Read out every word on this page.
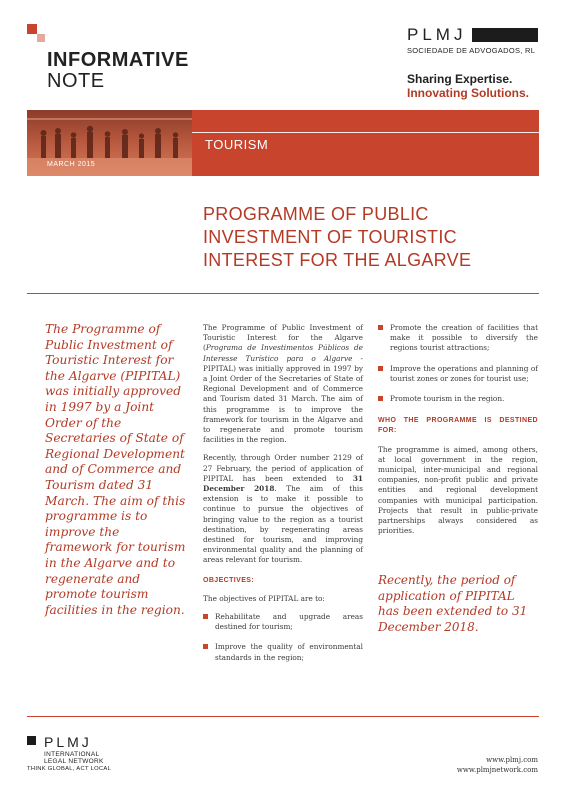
INFORMATIVE
NOTE
PLMJ
SOCIEDADE DE ADVOGADOS, RL
Sharing Expertise.
Innovating Solutions.
MARCH 2015
TOURISM
PROGRAMME OF PUBLIC
INVESTMENT OF TOURISTIC
INTEREST FOR THE ALGARVE
The Programme of Public Investment of Touristic Interest for the Algarve (PIPITAL) was initially approved in 1997 by a Joint Order of the Secretaries of State of Regional Development and of Commerce and Tourism dated 31 March. The aim of this programme is to improve the framework for tourism in the Algarve and to regenerate and promote tourism facilities in the region.

The Programme of Public Investment of Touristic Interest for the Algarve (Programa de Investimentos Públicos de Interesse Turístico para o Algarve - PIPITAL) was initially approved in 1997 by a Joint Order of the Secretaries of State of Regional Development and of Commerce and Tourism dated 31 March. The aim of this programme is to improve the framework for tourism in the Algarve and to regenerate and promote tourism facilities in the region.

Recently, through Order number 2129 of 27 February, the period of application of PIPITAL has been extended to 31 December 2018. The aim of this extension is to make it possible to continue to pursue the objectives of bringing value to the region as a tourist destination, by regenerating areas destined for tourism, and improving environmental quality and the planning of areas relevant for tourism.

OBJECTIVES:

The objectives of PIPITAL are to:

Rehabilitate and upgrade areas destined for tourism;
Improve the quality of environmental standards in the region;
Promote the creation of facilities that make it possible to diversify the regions tourist attractions;
Improve the operations and planning of tourist zones or zones for tourist use;
Promote tourism in the region.

WHO THE PROGRAMME IS DESTINED FOR:

The programme is aimed, among others, at local government in the region, municipal, inter-municipal and regional companies, non-profit public and private entities and regional development companies with municipal participation. Projects that result in public-private partnerships always considered as priorities.

Recently, the period of application of PIPITAL has been extended to 31 December 2018.
PLMJ
INTERNATIONAL
LEGAL NETWORK
THINK GLOBAL, ACT LOCAL
www.plmj.com
www.plmjnetwork.com
